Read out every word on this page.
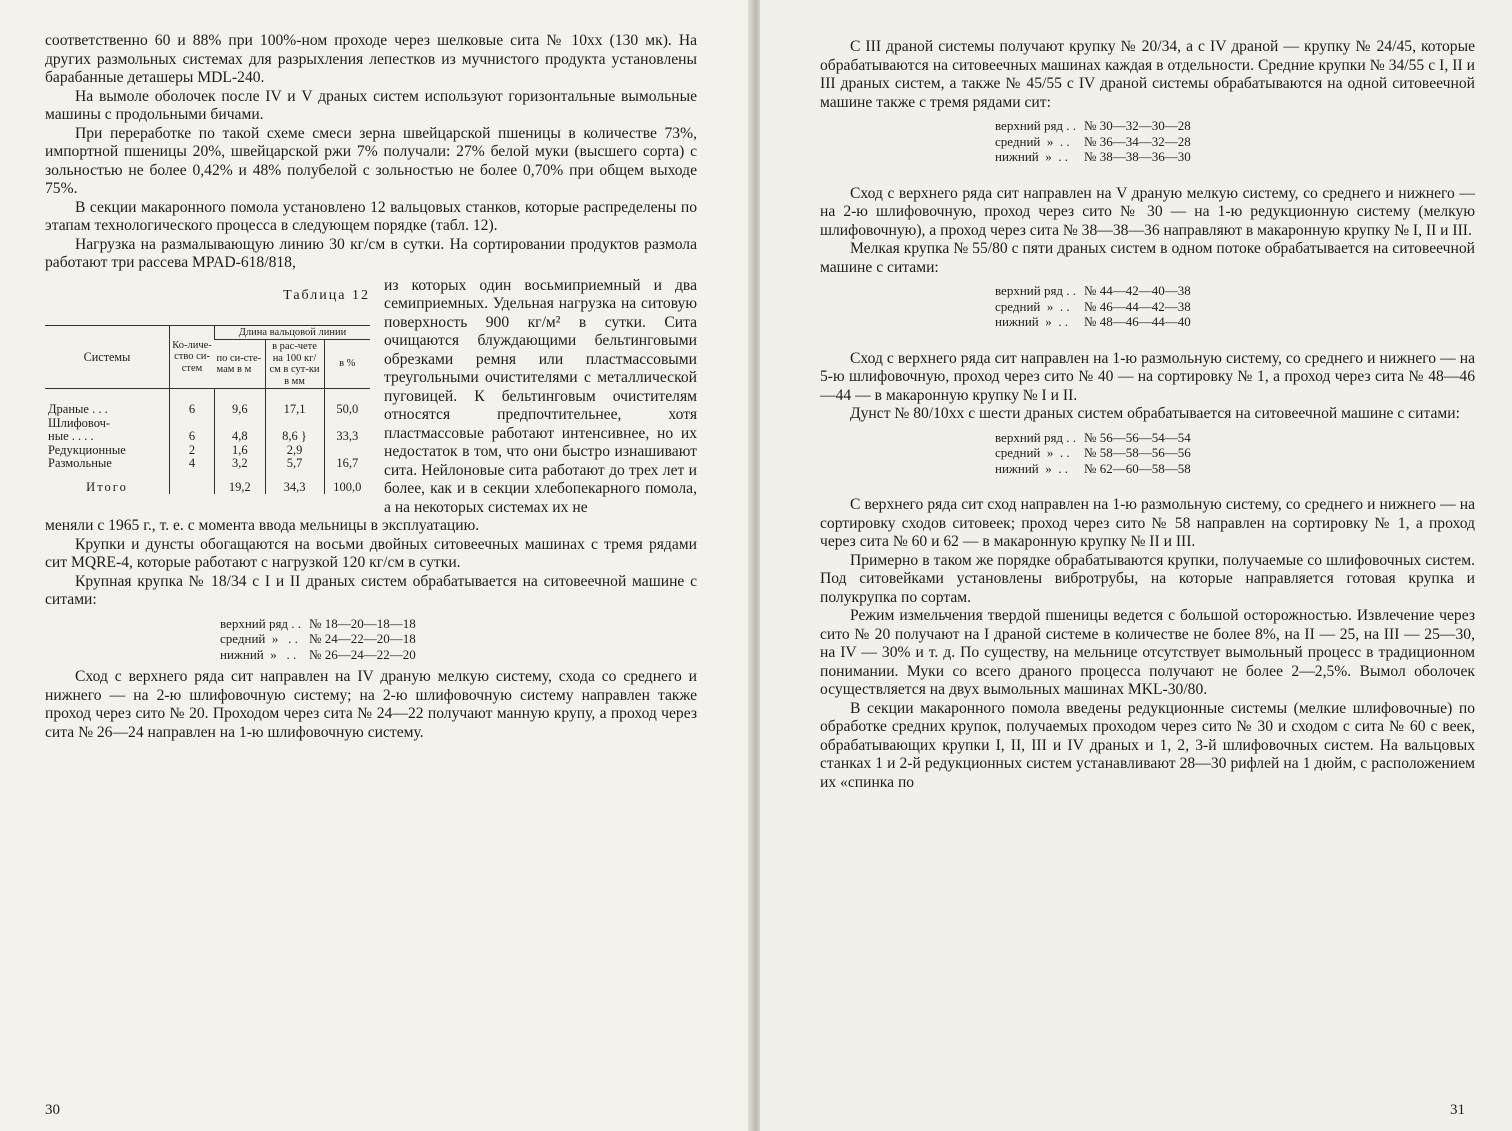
соответственно 60 и 88% при 100%-ном проходе через шелковые сита № 10хх (130 мк). На других размольных системах для разрыхления лепестков из мучнистого продукта установлены барабанные деташеры MDL-240.

На вымоле оболочек после IV и V драных систем используют горизонтальные вымольные машины с продольными бичами.

При переработке по такой схеме смеси зерна швейцарской пшеницы в количестве 73%, импортной пшеницы 20%, швейцарской ржи 7% получали: 27% белой муки (высшего сорта) с зольностью не более 0,42% и 48% полубелой с зольностью не более 0,70% при общем выходе 75%.

В секции макаронного помола установлено 12 вальцовых станков, которые распределены по этапам технологического процесса в следующем порядке (табл. 12).

Нагрузка на размалывающую линию 30 кг/см в сутки. На сортировании продуктов размола работают три рассева MPAD-618/818,

Таблица 12
Системы	Ко-личе-ство си-стем	Длина вальцовой линии		
		по си-сте-мам в м	в рас-чете на 100 кг/см в сут-ки в мм	в %
Драные . . .	6	9,6	17,1	50,0
Шлифовоч-				
ные . . . .	6	4,8	8,6 }	33,3
Редукционные	2	1,6	2,9	
Размольные	4	3,2	5,7	16,7
Итого		19,2	34,3	100,0
из которых один восьмиприемный и два семиприемных. Удельная нагрузка на ситовую поверхность 900 кг/м² в сутки. Сита очищаются блуждающими бельтинговыми обрезками ремня или пластмассовыми треугольными очистителями с металлической пуговицей. К бельтинговым очистителям относятся предпочтительнее, хотя пластмассовые работают интенсивнее, но их недостаток в том, что они быстро изнашивают сита. Нейлоновые сита работают до трех лет и более, как и в секции хлебопекарного помола, а на некоторых системах их не

меняли с 1965 г., т. е. с момента ввода мельницы в эксплуатацию.

Крупки и дунсты обогащаются на восьми двойных ситовеечных машинах с тремя рядами сит MQRE-4, которые работают с нагрузкой 120 кг/см в сутки.

Крупная крупка № 18/34 с I и II драных систем обрабатывается на ситовеечной машине с ситами:

верхний ряд . .	№ 18—20—18—18
средний  »   . .	№ 24—22—20—18
нижний  »   . .	№ 26—24—22—20

Сход с верхнего ряда сит направлен на IV драную мелкую систему, схода со среднего и нижнего — на 2-ю шлифовочную систему; на 2-ю шлифовочную систему направлен также проход через сито № 20. Проходом через сита № 24—22 получают манную крупу, а проход через сита № 26—24 направлен на 1-ю шлифовочную систему.

30

С III драной системы получают крупку № 20/34, а с IV драной — крупку № 24/45, которые обрабатываются на ситовеечных машинах каждая в отдельности. Средние крупки № 34/55 с I, II и III драных систем, а также № 45/55 с IV драной системы обрабатываются на одной ситовеечной машине также с тремя рядами сит:

верхний ряд . .	№ 30—32—30—28
средний  »  . .	№ 36—34—32—28
нижний  »  . .	№ 38—38—36—30

Сход с верхнего ряда сит направлен на V драную мелкую систему, со среднего и нижнего — на 2-ю шлифовочную, проход через сито № 30 — на 1-ю редукционную систему (мелкую шлифовочную), а проход через сита № 38—38—36 направляют в макаронную крупку № I, II и III.

Мелкая крупка № 55/80 с пяти драных систем в одном потоке обрабатывается на ситовеечной машине с ситами:

верхний ряд . .	№ 44—42—40—38
средний  »  . .	№ 46—44—42—38
нижний  »  . .	№ 48—46—44—40

Сход с верхнего ряда сит направлен на 1-ю размольную систему, со среднего и нижнего — на 5-ю шлифовочную, проход через сито № 40 — на сортировку № 1, а проход через сита № 48—46—44 — в макаронную крупку № I и II.

Дунст № 80/10хх с шести драных систем обрабатывается на ситовеечной машине с ситами:

верхний ряд . .	№ 56—56—54—54
средний  »  . .	№ 58—58—56—56
нижний  »  . .	№ 62—60—58—58

С верхнего ряда сит сход направлен на 1-ю размольную систему, со среднего и нижнего — на сортировку сходов ситовеек; проход через сито № 58 направлен на сортировку № 1, а проход через сита № 60 и 62 — в макаронную крупку № II и III.

Примерно в таком же порядке обрабатываются крупки, получаемые со шлифовочных систем. Под ситовейками установлены вибротрубы, на которые направляется готовая крупка и полукрупка по сортам.

Режим измельчения твердой пшеницы ведется с большой осторожностью. Извлечение через сито № 20 получают на I драной системе в количестве не более 8%, на II — 25, на III — 25—30, на IV — 30% и т. д. По существу, на мельнице отсутствует вымольный процесс в традиционном понимании. Муки со всего драного процесса получают не более 2—2,5%. Вымол оболочек осуществляется на двух вымольных машинах MKL-30/80.

В секции макаронного помола введены редукционные системы (мелкие шлифовочные) по обработке средних крупок, получаемых проходом через сито № 30 и сходом с сита № 60 с веек, обрабатывающих крупки I, II, III и IV драных и 1, 2, 3-й шлифовочных систем. На вальцовых станках 1 и 2-й редукционных систем устанавливают 28—30 рифлей на 1 дюйм, с расположением их «спинка по

31
